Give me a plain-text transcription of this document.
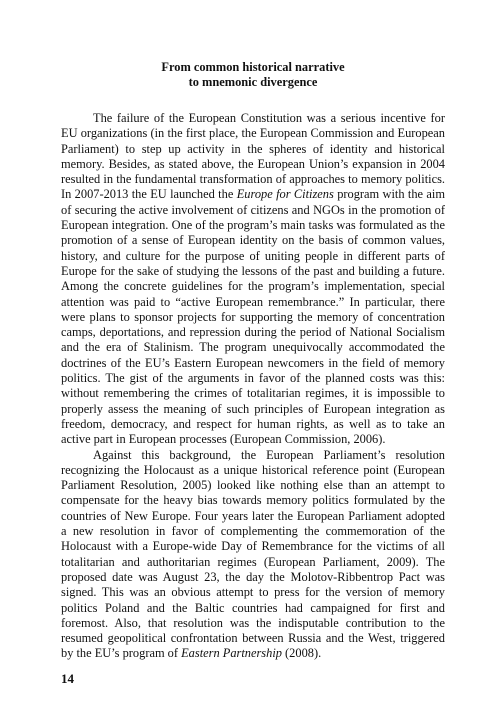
From common historical narrative
to mnemonic divergence

The failure of the European Constitution was a serious incentive for EU organizations (in the first place, the European Commission and European Parliament) to step up activity in the spheres of identity and historical memory. Besides, as stated above, the European Union’s expansion in 2004 resulted in the fundamental transformation of approaches to memory politics. In 2007-2013 the EU launched the Europe for Citizens program with the aim of securing the active involvement of citizens and NGOs in the promotion of European integration. One of the program’s main tasks was formulated as the promotion of a sense of European identity on the basis of common values, history, and culture for the purpose of uniting people in different parts of Europe for the sake of studying the lessons of the past and building a future. Among the concrete guidelines for the program’s implementation, special attention was paid to “active European remembrance.” In particular, there were plans to sponsor projects for supporting the memory of concentration camps, deportations, and repression during the period of National Socialism and the era of Stalinism. The program unequivocally accommodated the doctrines of the EU’s Eastern European newcomers in the field of memory politics. The gist of the arguments in favor of the planned costs was this: without remembering the crimes of totalitarian regimes, it is impossible to properly assess the meaning of such principles of European integration as freedom, democracy, and respect for human rights, as well as to take an active part in European processes (European Commission, 2006).

Against this background, the European Parliament’s resolution recognizing the Holocaust as a unique historical reference point (European Parliament Resolution, 2005) looked like nothing else than an attempt to compensate for the heavy bias towards memory politics formulated by the countries of New Europe. Four years later the European Parliament adopted a new resolution in favor of complementing the commemoration of the Holocaust with a Europe-wide Day of Remembrance for the victims of all totalitarian and authoritarian regimes (European Parliament, 2009). The proposed date was August 23, the day the Molotov-Ribbentrop Pact was signed. This was an obvious attempt to press for the version of memory politics Poland and the Baltic countries had campaigned for first and foremost. Also, that resolution was the indisputable contribution to the resumed geopolitical confrontation between Russia and the West, triggered by the EU’s program of Eastern Partnership (2008).

14
